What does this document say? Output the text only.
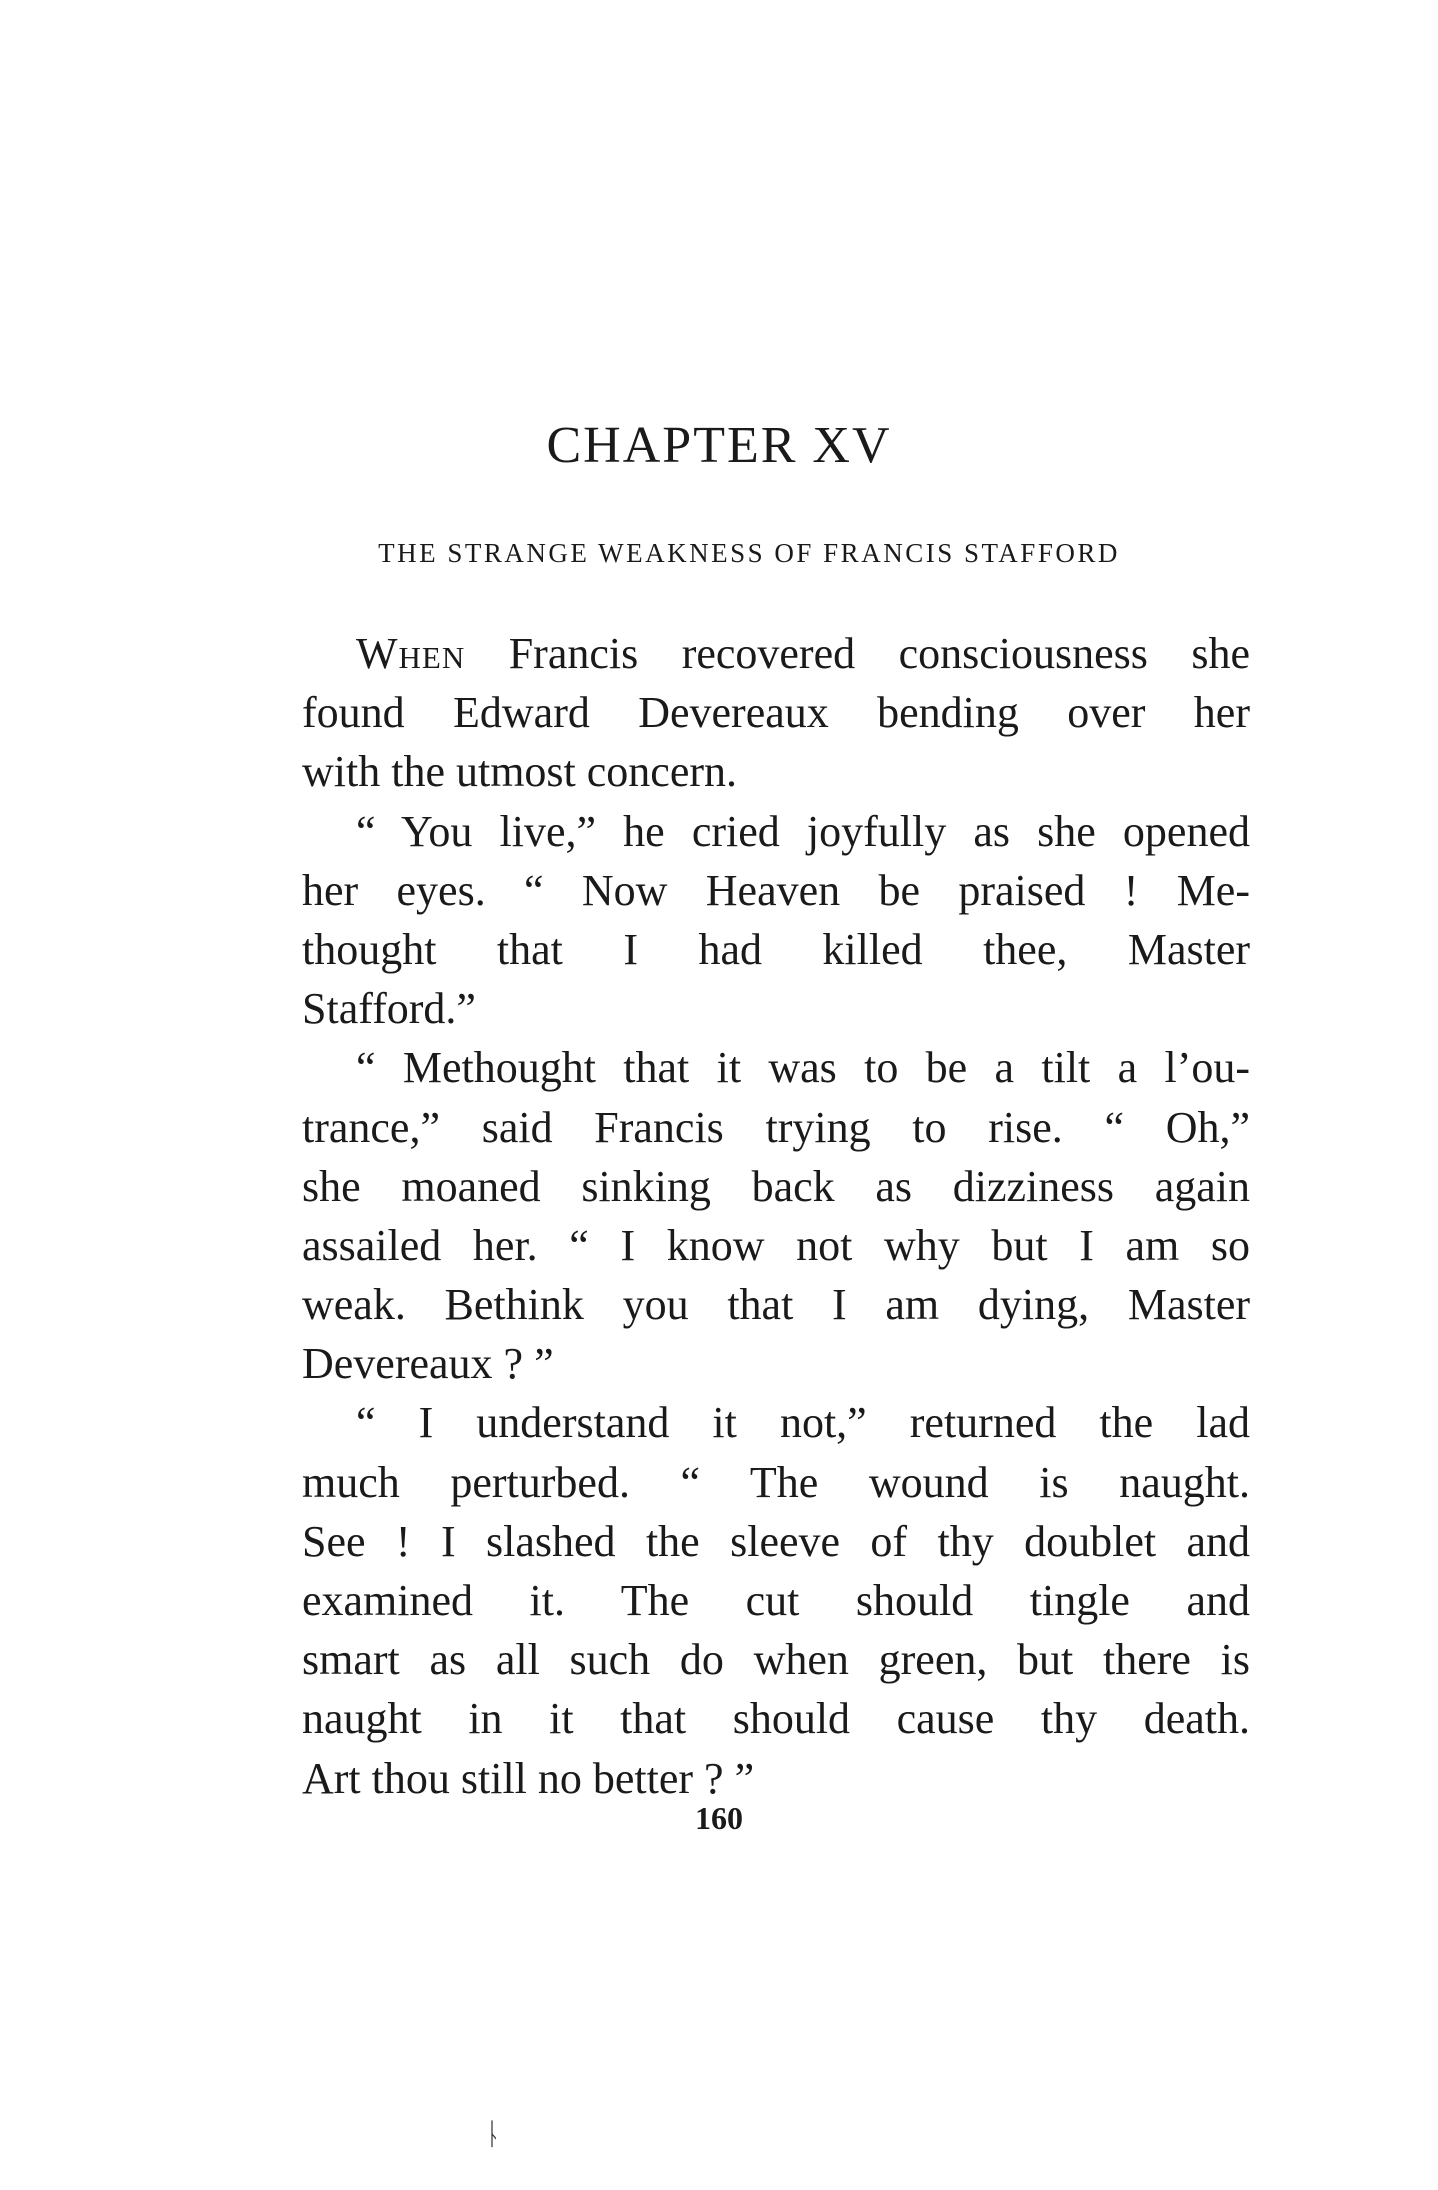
CHAPTER XV
THE STRANGE WEAKNESS OF FRANCIS STAFFORD
When Francis recovered consciousness she
found Edward Devereaux bending over her
with the utmost concern.
“ You live,” he cried joyfully as she opened
her eyes. “ Now Heaven be praised ! Me-
thought that I had killed thee, Master
Stafford.”
“ Methought that it was to be a tilt a l’ou-
trance,” said Francis trying to rise. “ Oh,”
she moaned sinking back as dizziness again
assailed her. “ I know not why but I am so
weak. Bethink you that I am dying, Master
Devereaux ? ”
“ I understand it not,” returned the lad
much perturbed. “ The wound is naught.
See ! I slashed the sleeve of thy doublet and
examined it. The cut should tingle and
smart as all such do when green, but there is
naught in it that should cause thy death.
Art thou still no better ? ”
160
ᚿ
